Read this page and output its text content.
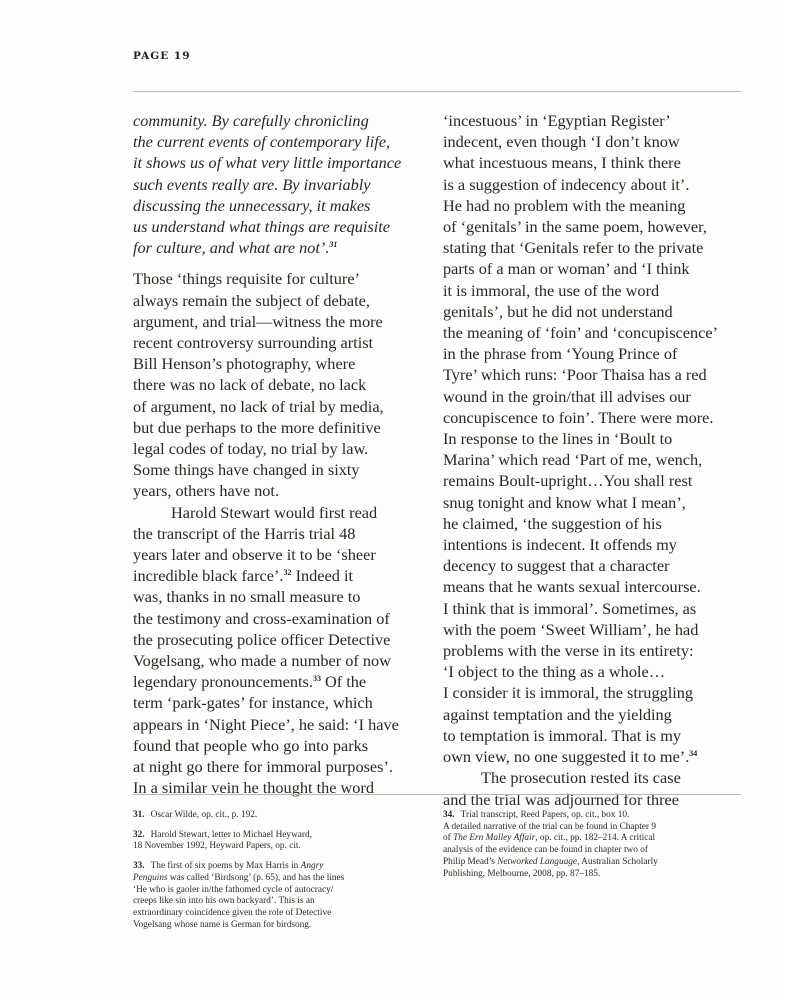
PAGE 19

community. By carefully chronicling
the current events of contemporary life,
it shows us of what very little importance
such events really are. By invariably
discussing the unnecessary, it makes
us understand what things are requisite
for culture, and what are not’.$^{31}$

Those ‘things requisite for culture’
always remain the subject of debate,
argument, and trial—witness the more
recent controversy surrounding artist
Bill Henson’s photography, where
there was no lack of debate, no lack
of argument, no lack of trial by media,
but due perhaps to the more definitive
legal codes of today, no trial by law.
Some things have changed in sixty
years, others have not.

Harold Stewart would first read
the transcript of the Harris trial 48
years later and observe it to be ‘sheer
incredible black farce’.$^{32}$ Indeed it
was, thanks in no small measure to
the testimony and cross-examination of
the prosecuting police officer Detective
Vogelsang, who made a number of now
legendary pronouncements.$^{33}$ Of the
term ‘park-gates’ for instance, which
appears in ‘Night Piece’, he said: ‘I have
found that people who go into parks
at night go there for immoral purposes’.
In a similar vein he thought the word

‘incestuous’ in ‘Egyptian Register’
indecent, even though ‘I don’t know
what incestuous means, I think there
is a suggestion of indecency about it’.
He had no problem with the meaning
of ‘genitals’ in the same poem, however,
stating that ‘Genitals refer to the private
parts of a man or woman’ and ‘I think
it is immoral, the use of the word
genitals’, but he did not understand
the meaning of ‘foin’ and ‘concupiscence’
in the phrase from ‘Young Prince of
Tyre’ which runs: ‘Poor Thaisa has a red
wound in the groin/that ill advises our
concupiscence to foin’. There were more.
In response to the lines in ‘Boult to
Marina’ which read ‘Part of me, wench,
remains Boult-upright…You shall rest
snug tonight and know what I mean’,
he claimed, ‘the suggestion of his
intentions is indecent. It offends my
decency to suggest that a character
means that he wants sexual intercourse.
I think that is immoral’. Sometimes, as
with the poem ‘Sweet William’, he had
problems with the verse in its entirety:
‘I object to the thing as a whole…
I consider it is immoral, the struggling
against temptation and the yielding
to temptation is immoral. That is my
own view, no one suggested it to me’.$^{34}$

The prosecution rested its case
and the trial was adjourned for three

31. Oscar Wilde, op. cit., p. 192.

32. Harold Stewart, letter to Michael Heyward,
18 November 1992, Heyward Papers, op. cit.

33. The first of six poems by Max Harris in Angry
Penguins was called ‘Birdsong’ (p. 65), and has the lines
‘He who is gaoler in/the fathomed cycle of autocracy/
creeps like sin into his own backyard’. This is an
extraordinary coincidence given the role of Detective
Vogelsang whose name is German for birdsong.

34. Trial transcript, Reed Papers, op. cit., box 10.
A detailed narrative of the trial can be found in Chapter 9
of The Ern Malley Affair, op. cit., pp. 182–214. A critical
analysis of the evidence can be found in chapter two of
Philip Mead’s Networked Language, Australian Scholarly
Publishing, Melbourne, 2008, pp. 87–185.
